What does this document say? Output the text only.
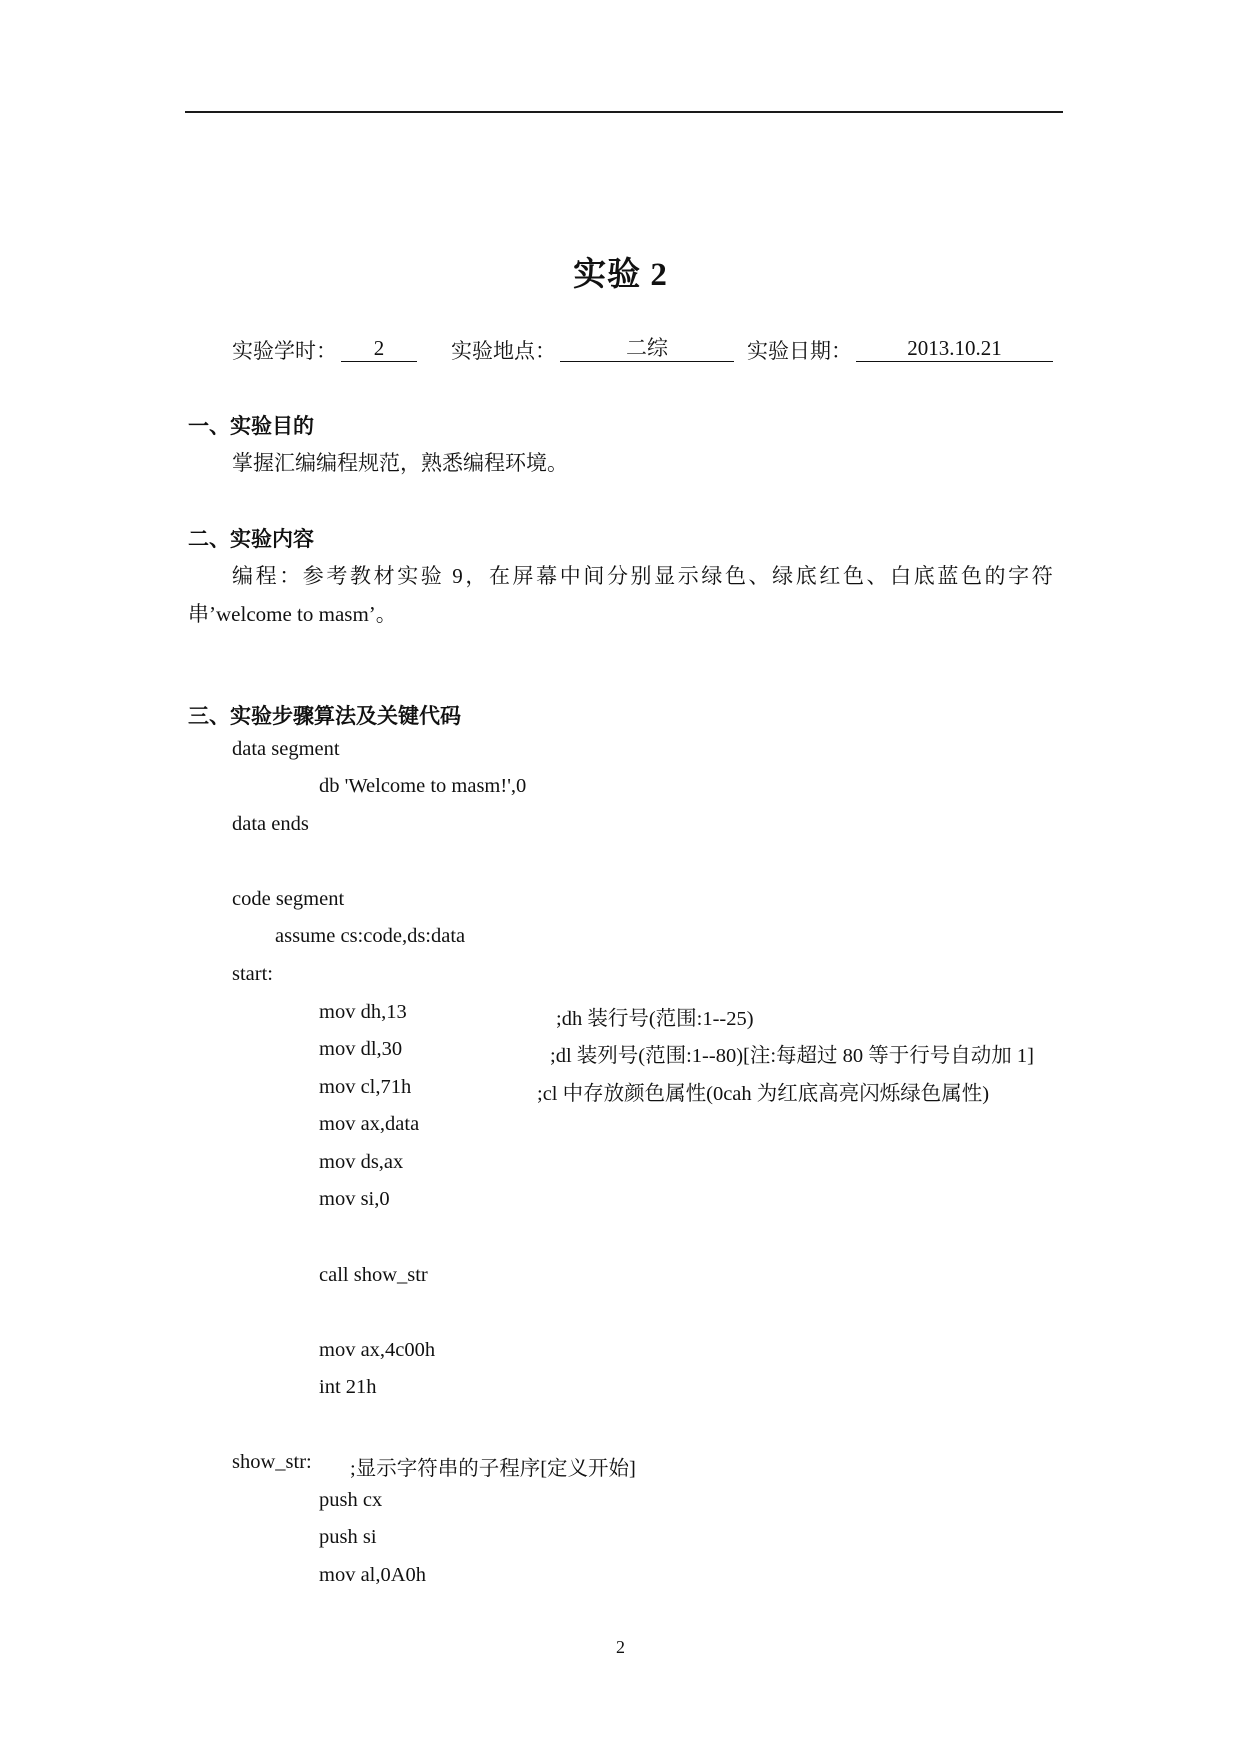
实验 2
实验学时：	2	实验地点：	二综	实验日期：	2013.10.21
一、实验目的
掌握汇编编程规范，熟悉编程环境。
二、实验内容
编程：参考教材实验 9，在屏幕中间分别显示绿色、绿底红色、白底蓝色的字符
串’welcome to masm’。
三、实验步骤算法及关键代码
data segment
db 'Welcome to masm!',0
data ends
code segment
assume cs:code,ds:data
start:
mov dh,13	;dh 装行号(范围:1--25)
mov dl,30	;dl 装列号(范围:1--80)[注:每超过 80 等于行号自动加 1]
mov cl,71h	;cl 中存放颜色属性(0cah 为红底高亮闪烁绿色属性)
mov ax,data
mov ds,ax
mov si,0
call show_str
mov ax,4c00h
int 21h
show_str: ;显示字符串的子程序[定义开始]
push cx
push si
mov al,0A0h
2
